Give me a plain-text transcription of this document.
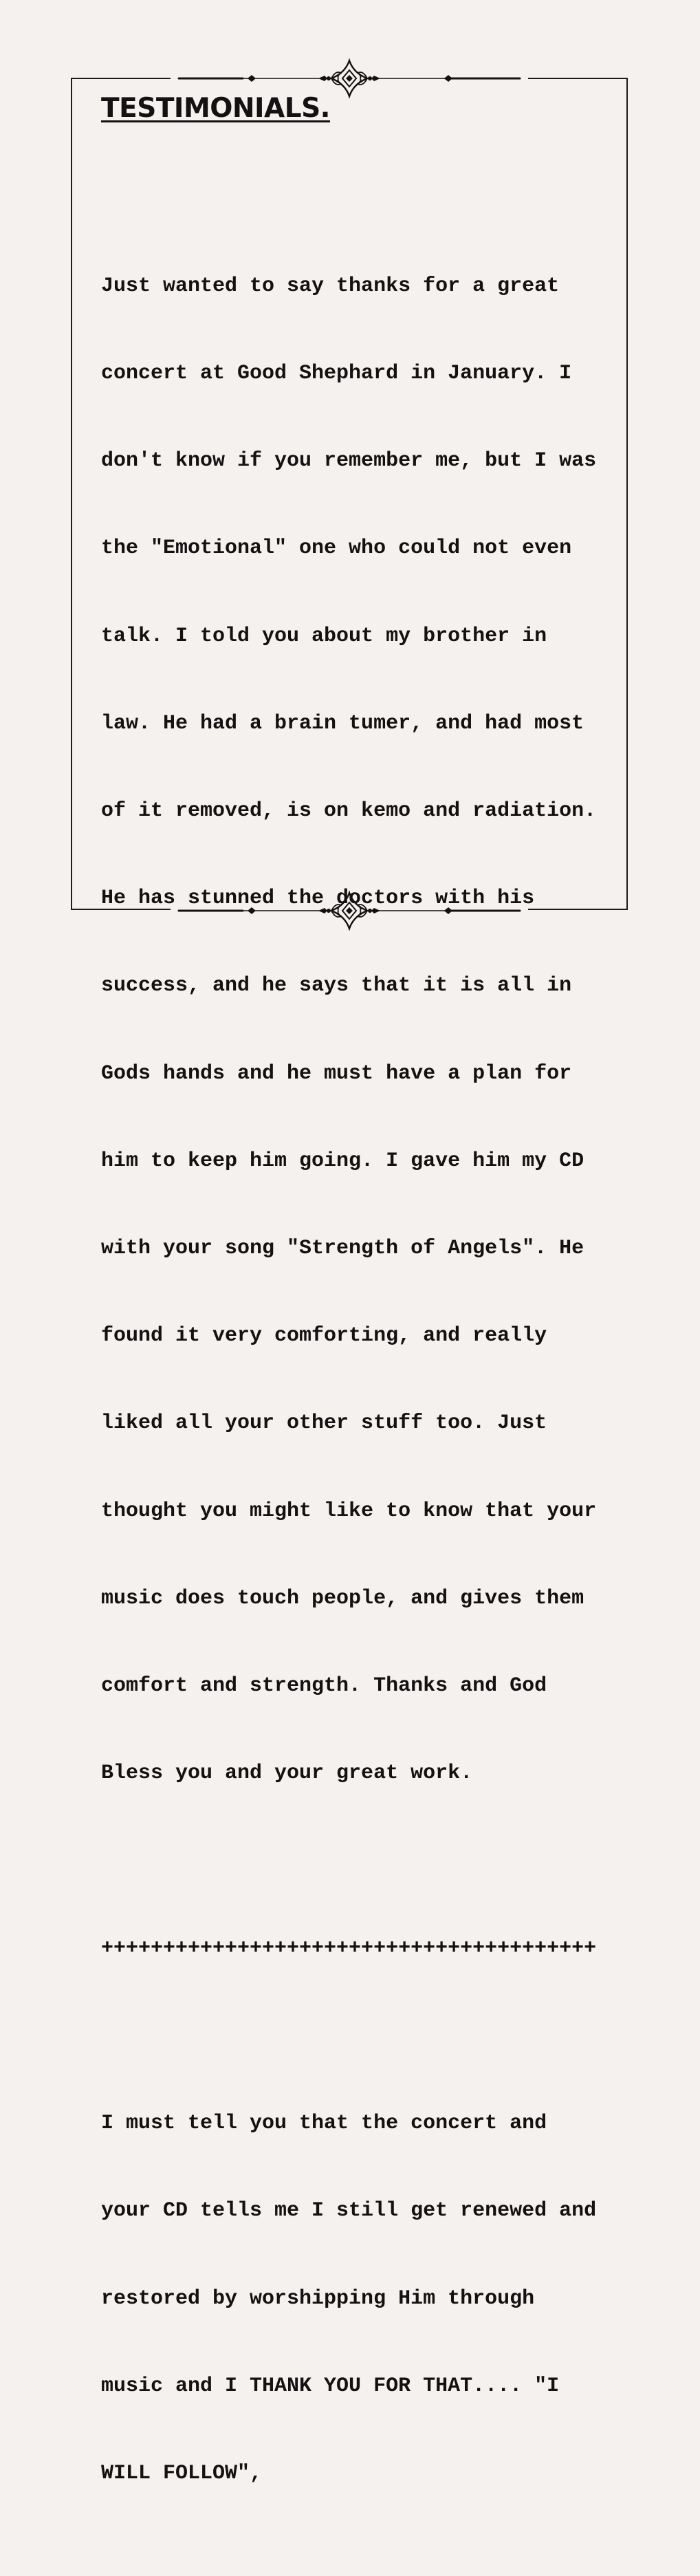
TESTIMONIALS.

Just wanted to say thanks for a great

concert at Good Shephard in January. I

don't know if you remember me, but I was

the "Emotional" one who could not even

talk. I told you about my brother in

law. He had a brain tumer, and had most

of it removed, is on kemo and radiation.

He has stunned the doctors with his

success, and he says that it is all in

Gods hands and he must have a plan for

him to keep him going. I gave him my CD

with your song "Strength of Angels". He

found it very comforting, and really

liked all your other stuff too. Just

thought you might like to know that your

music does touch people, and gives them

comfort and strength. Thanks and God

Bless you and your great work.

++++++++++++++++++++++++++++++++++++++++

I must tell you that the concert and

your CD tells me I still get renewed and

restored by worshipping Him through

music and I THANK YOU FOR THAT.... "I

WILL FOLLOW",
